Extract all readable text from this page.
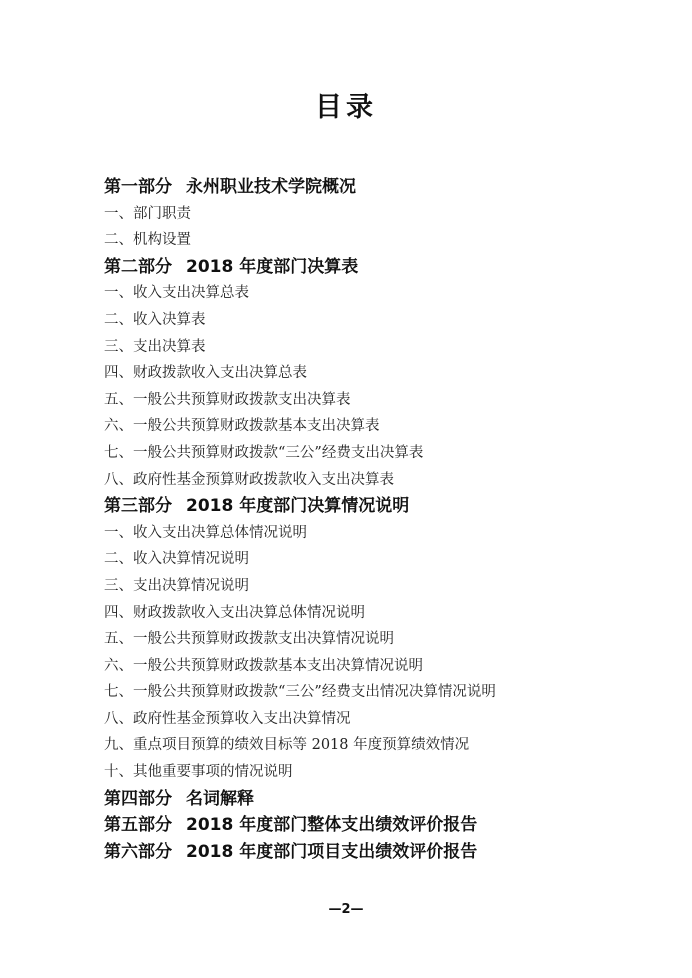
目录
第一部分 永州职业技术学院概况
一、部门职责
二、机构设置
第二部分 2018 年度部门决算表
一、收入支出决算总表
二、收入决算表
三、支出决算表
四、财政拨款收入支出决算总表
五、一般公共预算财政拨款支出决算表
六、一般公共预算财政拨款基本支出决算表
七、一般公共预算财政拨款“三公”经费支出决算表
八、政府性基金预算财政拨款收入支出决算表
第三部分 2018 年度部门决算情况说明
一、收入支出决算总体情况说明
二、收入决算情况说明
三、支出决算情况说明
四、财政拨款收入支出决算总体情况说明
五、一般公共预算财政拨款支出决算情况说明
六、一般公共预算财政拨款基本支出决算情况说明
七、一般公共预算财政拨款“三公”经费支出情况决算情况说明
八、政府性基金预算收入支出决算情况
九、重点项目预算的绩效目标等 2018 年度预算绩效情况
十、其他重要事项的情况说明
第四部分 名词解释
第五部分 2018 年度部门整体支出绩效评价报告
第六部分 2018 年度部门项目支出绩效评价报告
—2—
